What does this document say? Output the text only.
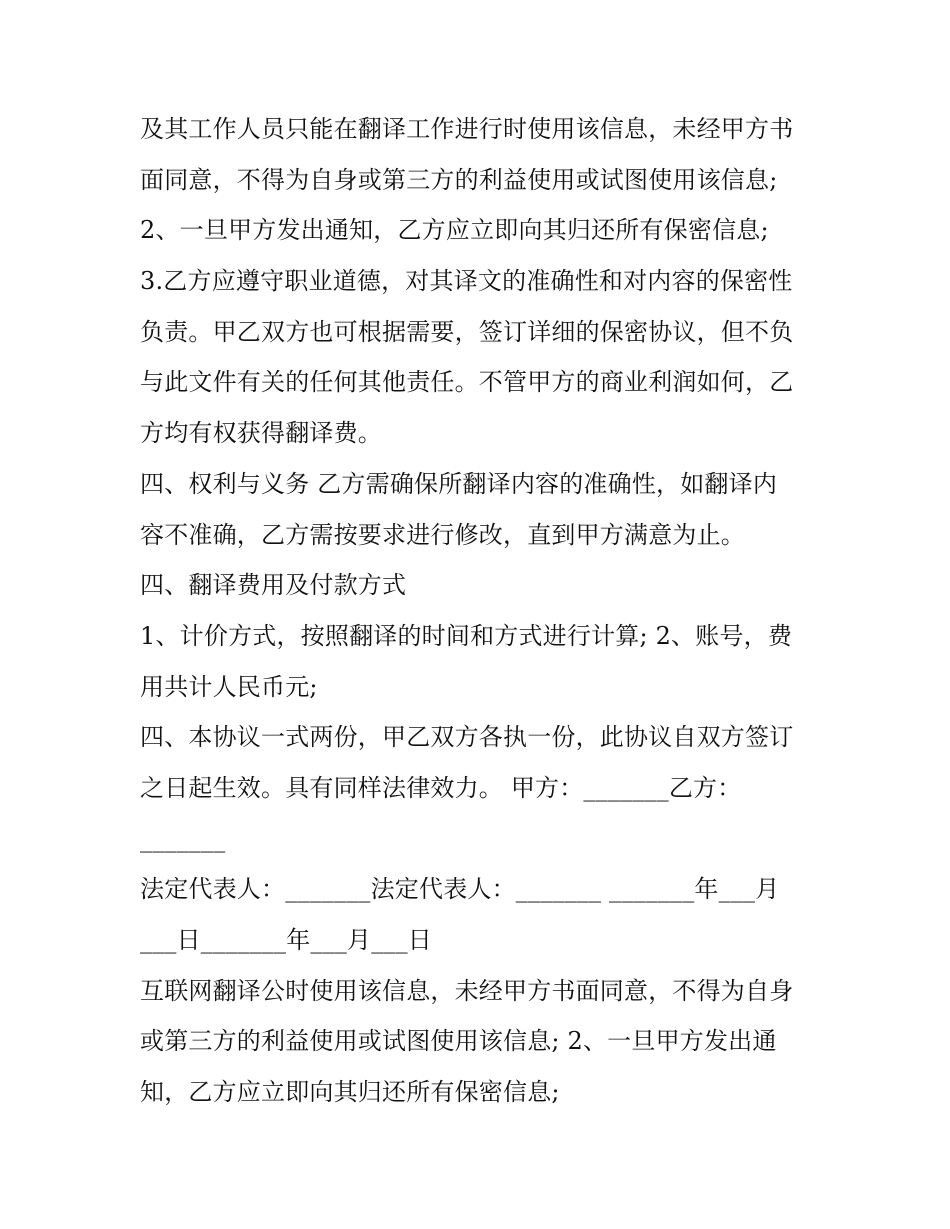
及其工作人员只能在翻译工作进行时使用该信息，未经甲方书
面同意，不得为自身或第三方的利益使用或试图使用该信息;
2、一旦甲方发出通知，乙方应立即向其归还所有保密信息;
3.乙方应遵守职业道德，对其译文的准确性和对内容的保密性
负责。甲乙双方也可根据需要，签订详细的保密协议，但不负
与此文件有关的任何其他责任。不管甲方的商业利润如何，乙
方均有权获得翻译费。
四、权利与义务 乙方需确保所翻译内容的准确性，如翻译内
容不准确，乙方需按要求进行修改，直到甲方满意为止。
四、翻译费用及付款方式
1、计价方式，按照翻译的时间和方式进行计算; 2、账号，费
用共计人民币元;
四、本协议一式两份，甲乙双方各执一份，此协议自双方签订
之日起生效。具有同样法律效力。 甲方：_______乙方：
_______
法定代表人：_______法定代表人：_______ _______年___月
___日_______年___月___日
互联网翻译公时使用该信息，未经甲方书面同意，不得为自身
或第三方的利益使用或试图使用该信息; 2、一旦甲方发出通
知，乙方应立即向其归还所有保密信息;
